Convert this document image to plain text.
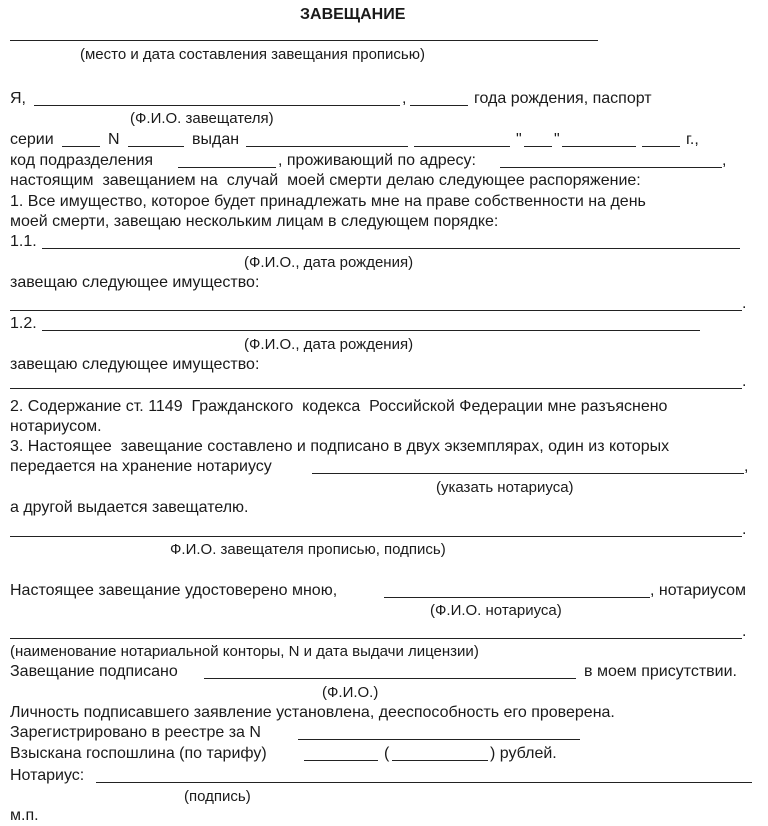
ЗАВЕЩАНИЕ
(место и дата составления завещания прописью)
Я,	,	года рождения, паспорт
(Ф.И.О. завещателя)
серии	N	выдан	" "	г.,
код подразделения	, проживающий по адресу:	,
настоящим  завещанием на  случай  моей смерти делаю следующее распоряжение:
1. Все имущество, которое будет принадлежать мне на праве собственности на день
моей смерти, завещаю нескольким лицам в следующем порядке:
1.1.
(Ф.И.О., дата рождения)
завещаю следующее имущество:
.
1.2.
(Ф.И.О., дата рождения)
завещаю следующее имущество:
.
2. Содержание ст. 1149  Гражданского  кодекса  Российской Федерации мне разъяснено
нотариусом.
3. Настоящее  завещание составлено и подписано в двух экземплярах, один из которых
передается на хранение нотариусу	,
(указать нотариуса)
а другой выдается завещателю.
.
Ф.И.О. завещателя прописью, подпись)
Настоящее завещание удостоверено мною,	, нотариусом
(Ф.И.О. нотариуса)
.
(наименование нотариальной конторы, N и дата выдачи лицензии)
Завещание подписано	в моем присутствии.
(Ф.И.О.)
Личность подписавшего заявление установлена, дееспособность его проверена.
Зарегистрировано в реестре за N
Взыскана госпошлина (по тарифу)	(	) рублей.
Нотариус:
(подпись)
м.п.
